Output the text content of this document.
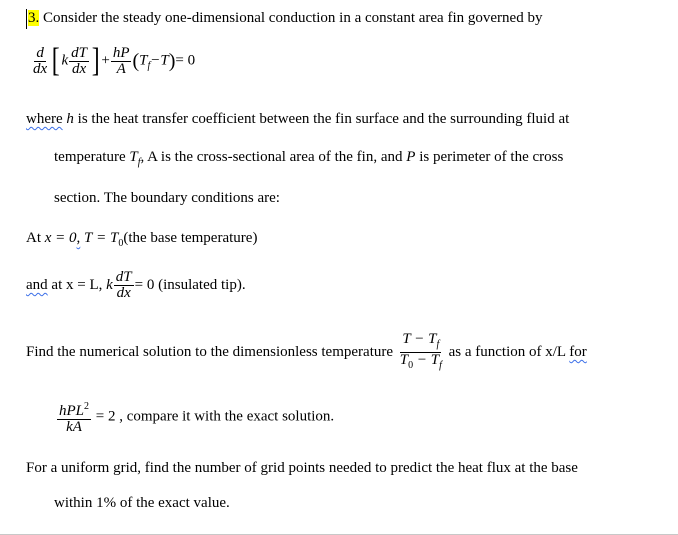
3. Consider the steady one-dimensional conduction in a constant area fin governed by
$\frac{d}{dx}$ [ k $\frac{dT}{dx}$ ] + $\frac{hP}{A} (T_f-T)= 0$
where h is the heat transfer coefficient between the fin surface and the surrounding fluid at
temperature $T_f$, A is the cross-sectional area of the fin, and P is perimeter of the cross
section. The boundary conditions are:
At x = 0, $T = T_0(the$ base temperature)
and at x = L, k $\frac{dT}{dx} = 0$ (insulated tip).
Find the numerical solution to the dimensionless temperature $\frac{T - T_f}{T_0 - T_f}$ as a function of x/L for
$\frac{hPL^2}{kA} = 2$ , compare it with the exact solution.
For a uniform grid, find the number of grid points needed to predict the heat flux at the base
within 1% of the exact value.
